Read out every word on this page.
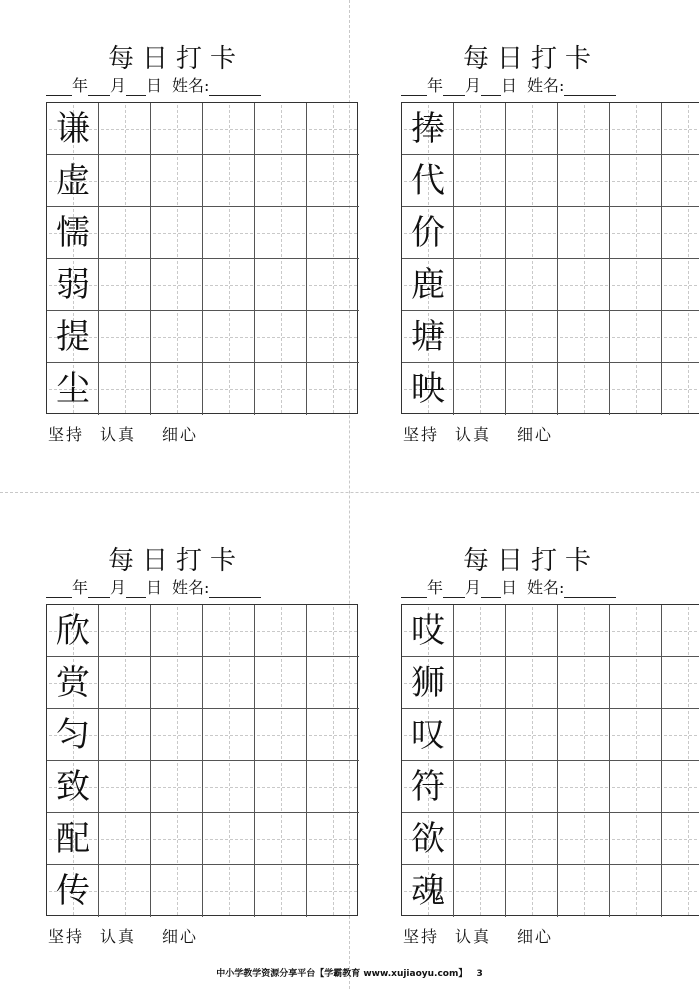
每日打卡
年 月 日 姓名:
谦
虚
懦
弱
提
尘
坚持 认真 细心
每日打卡
年 月 日 姓名:
捧
代
价
鹿
塘
映
坚持 认真 细心
每日打卡
年 月 日 姓名:
欣
赏
匀
致
配
传
坚持 认真 细心
每日打卡
年 月 日 姓名:
哎
狮
叹
符
欲
魂
坚持 认真 细心
中小学教学资源分享平台【学霸教育 www.xujiaoyu.com】 3
